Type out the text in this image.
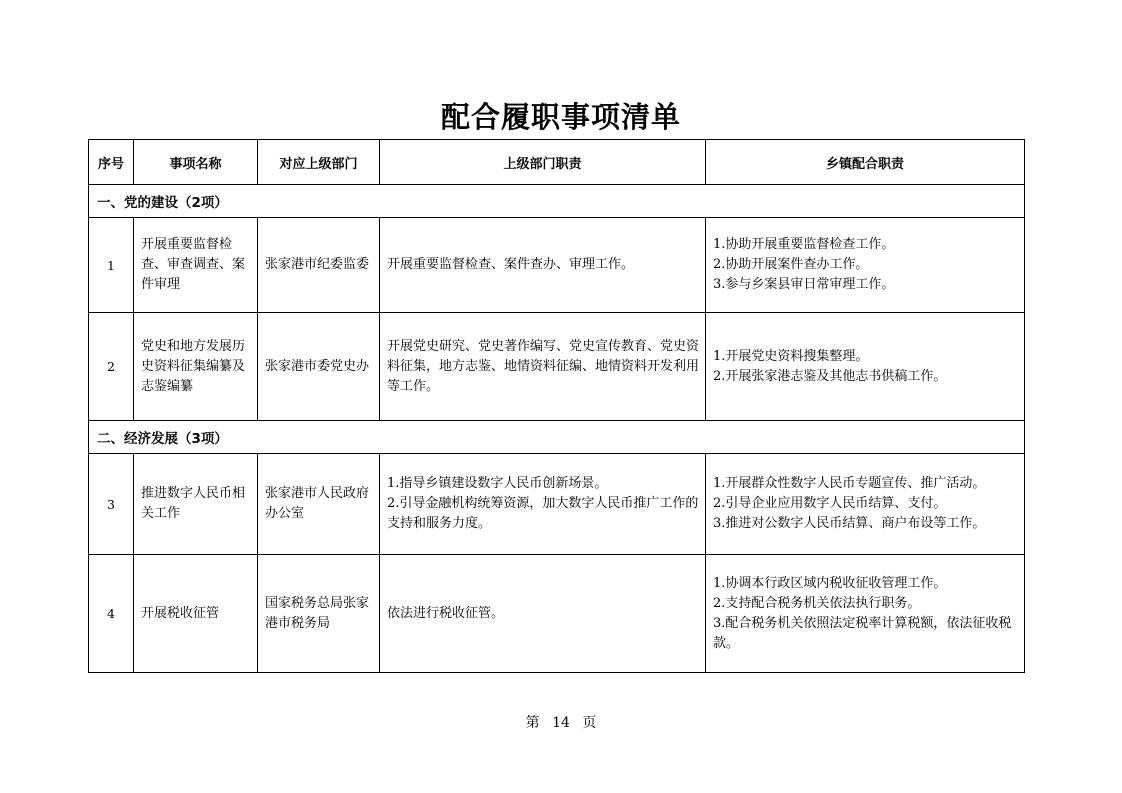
配合履职事项清单
序号	事项名称	对应上级部门	上级部门职责	乡镇配合职责
一、党的建设（2项）				
1	开展重要监督检查、审查调查、案件审理	张家港市纪委监委	开展重要监督检查、案件查办、审理工作。	1.协助开展重要监督检查工作。
2.协助开展案件查办工作。
3.参与乡案县审日常审理工作。

2	党史和地方发展历史资料征集编纂及志鉴编纂	张家港市委党史办	开展党史研究、党史著作编写、党史宣传教育、党史资料征集，地方志鉴、地情资料征编、地情资料开发利用等工作。	1.开展党史资料搜集整理。
2.开展张家港志鉴及其他志书供稿工作。

二、经济发展（3项）				
3	推进数字人民币相关工作	张家港市人民政府办公室	1.指导乡镇建设数字人民币创新场景。
2.引导金融机构统筹资源，加大数字人民币推广工作的支持和服务力度。	1.开展群众性数字人民币专题宣传、推广活动。
2.引导企业应用数字人民币结算、支付。
3.推进对公数字人民币结算、商户布设等工作。

4	开展税收征管	国家税务总局张家港市税务局	依法进行税收征管。	1.协调本行政区域内税收征收管理工作。
2.支持配合税务机关依法执行职务。
3.配合税务机关依照法定税率计算税额，依法征收税款。
第 14 页
